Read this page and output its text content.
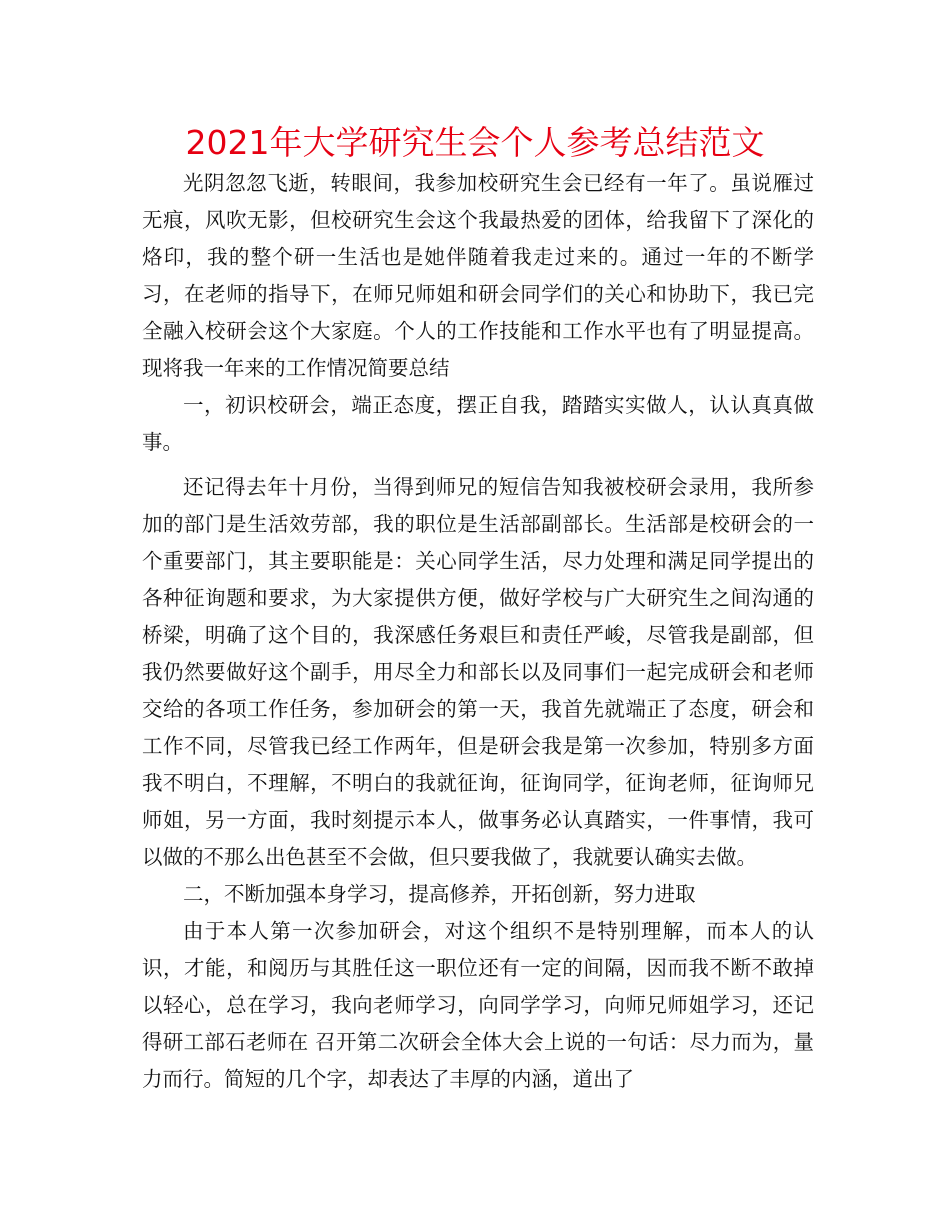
2021年大学研究生会个人参考总结范文

光阴忽忽飞逝，转眼间，我参加校研究生会已经有一年了。虽说雁过无痕，风吹无影，但校研究生会这个我最热爱的团体，给我留下了深化的烙印，我的整个研一生活也是她伴随着我走过来的。通过一年的不断学习，在老师的指导下，在师兄师姐和研会同学们的关心和协助下，我已完全融入校研会这个大家庭。个人的工作技能和工作水平也有了明显提高。现将我一年来的工作情况简要总结

一，初识校研会，端正态度，摆正自我，踏踏实实做人，认认真真做事。

还记得去年十月份，当得到师兄的短信告知我被校研会录用，我所参加的部门是生活效劳部，我的职位是生活部副部长。生活部是校研会的一个重要部门，其主要职能是：关心同学生活，尽力处理和满足同学提出的各种征询题和要求，为大家提供方便，做好学校与广大研究生之间沟通的桥梁，明确了这个目的，我深感任务艰巨和责任严峻，尽管我是副部，但我仍然要做好这个副手，用尽全力和部长以及同事们一起完成研会和老师交给的各项工作任务，参加研会的第一天，我首先就端正了态度，研会和工作不同，尽管我已经工作两年，但是研会我是第一次参加，特别多方面我不明白，不理解，不明白的我就征询，征询同学，征询老师，征询师兄师姐，另一方面，我时刻提示本人，做事务必认真踏实，一件事情，我可以做的不那么出色甚至不会做，但只要我做了，我就要认确实去做。

二，不断加强本身学习，提高修养，开拓创新，努力进取

由于本人第一次参加研会，对这个组织不是特别理解，而本人的认识，才能，和阅历与其胜任这一职位还有一定的间隔，因而我不断不敢掉以轻心，总在学习，我向老师学习，向同学学习，向师兄师姐学习，还记得研工部石老师在 召开第二次研会全体大会上说的一句话：尽力而为，量力而行。简短的几个字，却表达了丰厚的内涵，道出了
